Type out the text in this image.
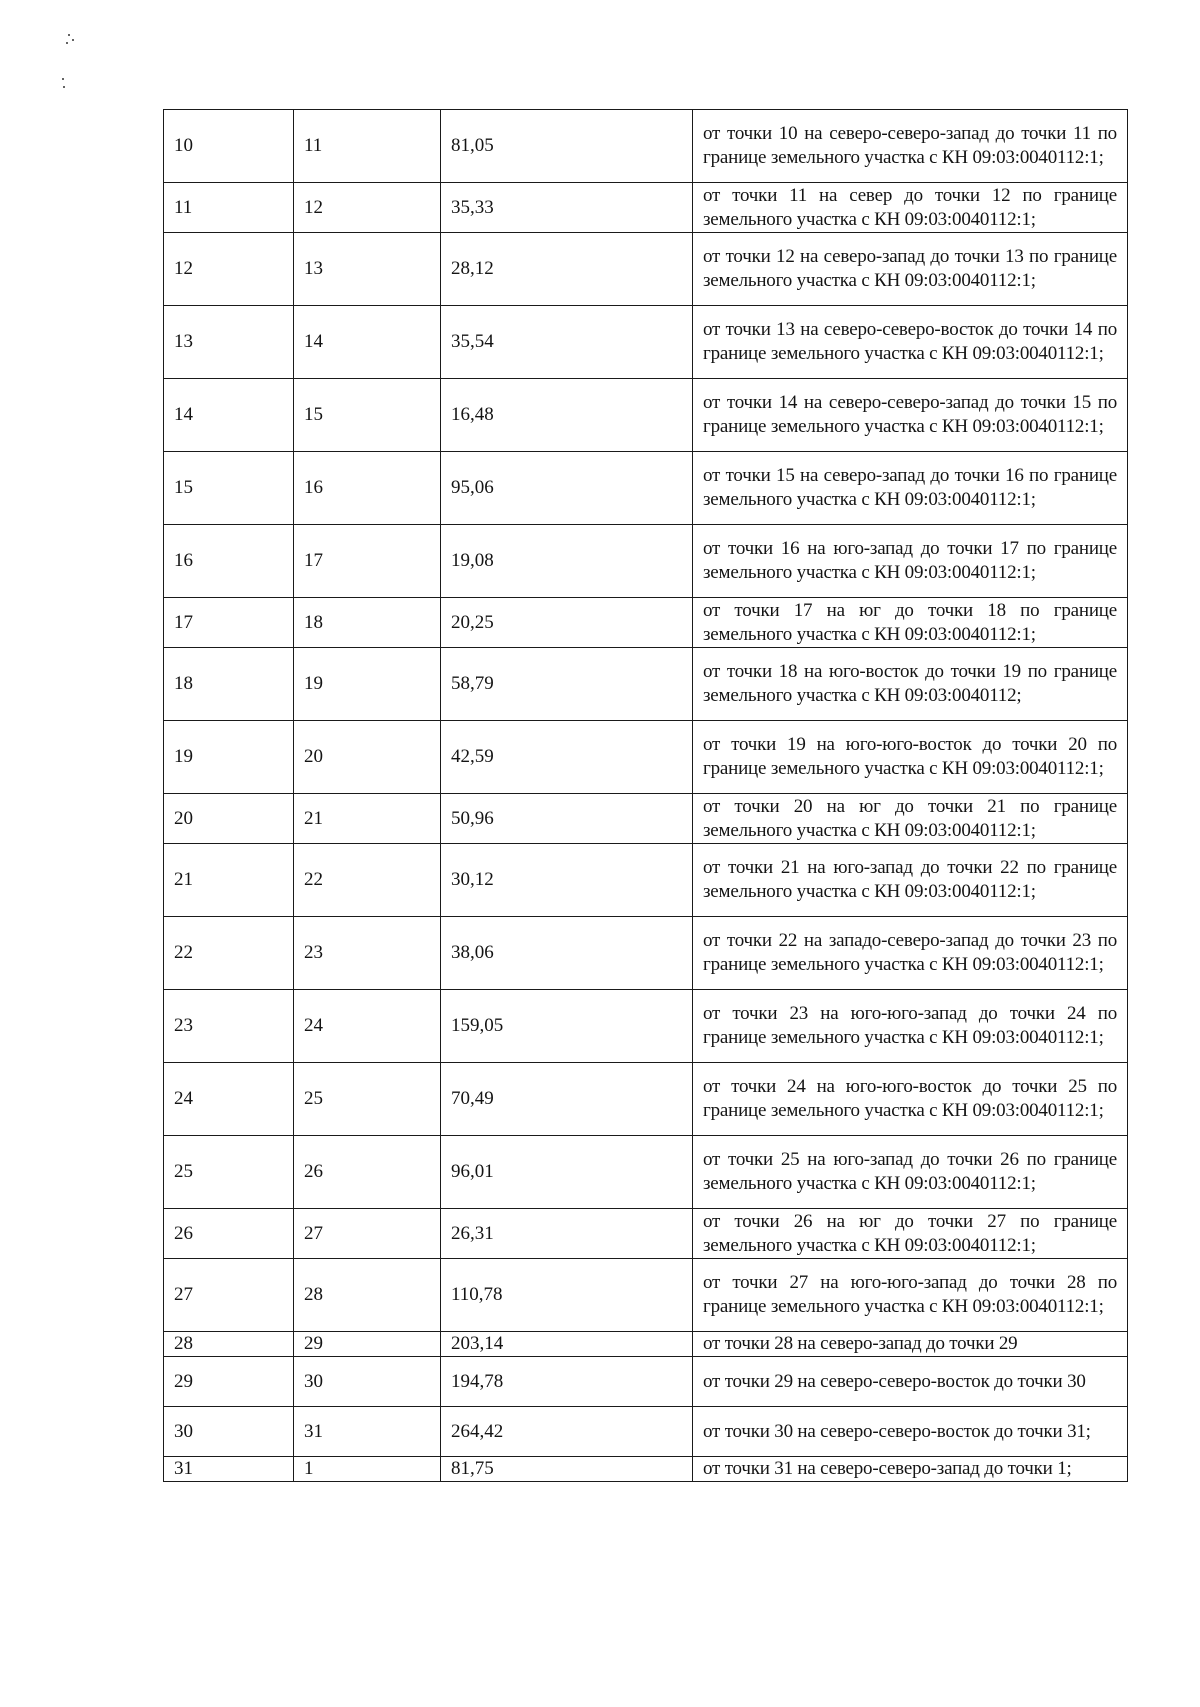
10	11	81,05	от точки 10 на северо-северо-запад до точки 11 по границе земельного участка с КН 09:03:0040112:1;
11	12	35,33	от точки 11 на север до точки 12 по границе земельного участка с КН 09:03:0040112:1;
12	13	28,12	от точки 12 на северо-запад до точки 13 по границе земельного участка с КН 09:03:0040112:1;
13	14	35,54	от точки 13 на северо-северо-восток до точки 14 по границе земельного участка с КН 09:03:0040112:1;
14	15	16,48	от точки 14 на северо-северо-запад до точки 15 по границе земельного участка с КН 09:03:0040112:1;
15	16	95,06	от точки 15 на северо-запад до точки 16 по границе земельного участка с КН 09:03:0040112:1;
16	17	19,08	от точки 16 на юго-запад до точки 17 по границе земельного участка с КН 09:03:0040112:1;
17	18	20,25	от точки 17 на юг до точки 18 по границе земельного участка с КН 09:03:0040112:1;
18	19	58,79	от точки 18 на юго-восток до точки 19 по границе земельного участка с КН 09:03:0040112;
19	20	42,59	от точки 19 на юго-юго-восток до точки 20 по границе земельного участка с КН 09:03:0040112:1;
20	21	50,96	от точки 20 на юг до точки 21 по границе земельного участка с КН 09:03:0040112:1;
21	22	30,12	от точки 21 на юго-запад до точки 22 по границе земельного участка с КН 09:03:0040112:1;
22	23	38,06	от точки 22 на западо-северо-запад до точки 23 по границе земельного участка с КН 09:03:0040112:1;
23	24	159,05	от точки 23 на юго-юго-запад до точки 24 по границе земельного участка с КН 09:03:0040112:1;
24	25	70,49	от точки 24 на юго-юго-восток до точки 25 по границе земельного участка с КН 09:03:0040112:1;
25	26	96,01	от точки 25 на юго-запад до точки 26 по границе земельного участка с КН 09:03:0040112:1;
26	27	26,31	от точки 26 на юг до точки 27 по границе земельного участка с КН 09:03:0040112:1;
27	28	110,78	от точки 27 на юго-юго-запад до точки 28 по границе земельного участка с КН 09:03:0040112:1;
28	29	203,14	от точки 28 на северо-запад до точки 29
29	30	194,78	от точки 29 на северо-северо-восток до точки 30
30	31	264,42	от точки 30 на северо-северо-восток до точки 31;
31	1	81,75	от точки 31 на северо-северо-запад до точки 1;
